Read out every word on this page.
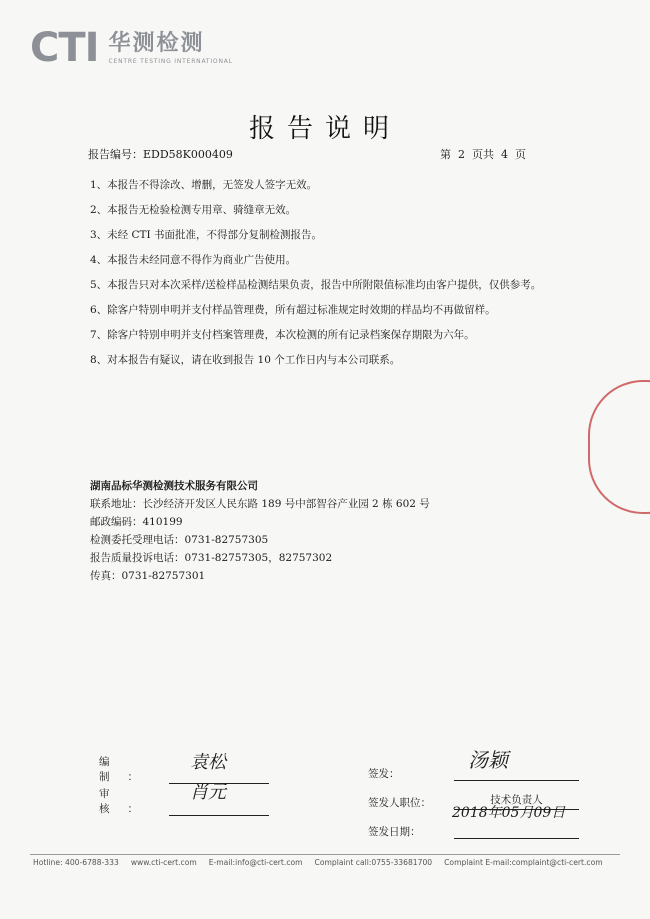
CTI 华测检测
CENTRE TESTING INTERNATIONAL
报告说明
报告编号：EDD58K000409	第 2 页共 4 页
1、本报告不得涂改、增删，无签发人签字无效。
2、本报告无检验检测专用章、骑缝章无效。
3、未经 CTI 书面批准，不得部分复制检测报告。
4、本报告未经同意不得作为商业广告使用。
5、本报告只对本次采样/送检样品检测结果负责，报告中所附限值标准均由客户提供，仅供参考。
6、除客户特别申明并支付样品管理费，所有超过标准规定时效期的样品均不再做留样。
7、除客户特别申明并支付档案管理费，本次检测的所有记录档案保存期限为六年。
8、对本报告有疑议，请在收到报告 10 个工作日内与本公司联系。
湖南品标华测检测技术服务有限公司
联系地址：长沙经济开发区人民东路 189 号中部智谷产业园 2 栋 602 号
邮政编码：410199
检测委托受理电话：0731-82757305
报告质量投诉电话：0731-82757305，82757302
传真：0731-82757301
编制：
审核：
袁松
肖元
签发：
签发人职位：	技术负责人
签发日期：
汤颖
2018年05月09日
Hotline: 400-6788-333 www.cti-cert.com E-mail:info@cti-cert.com Complaint call:0755-33681700 Complaint E-mail:complaint@cti-cert.com
